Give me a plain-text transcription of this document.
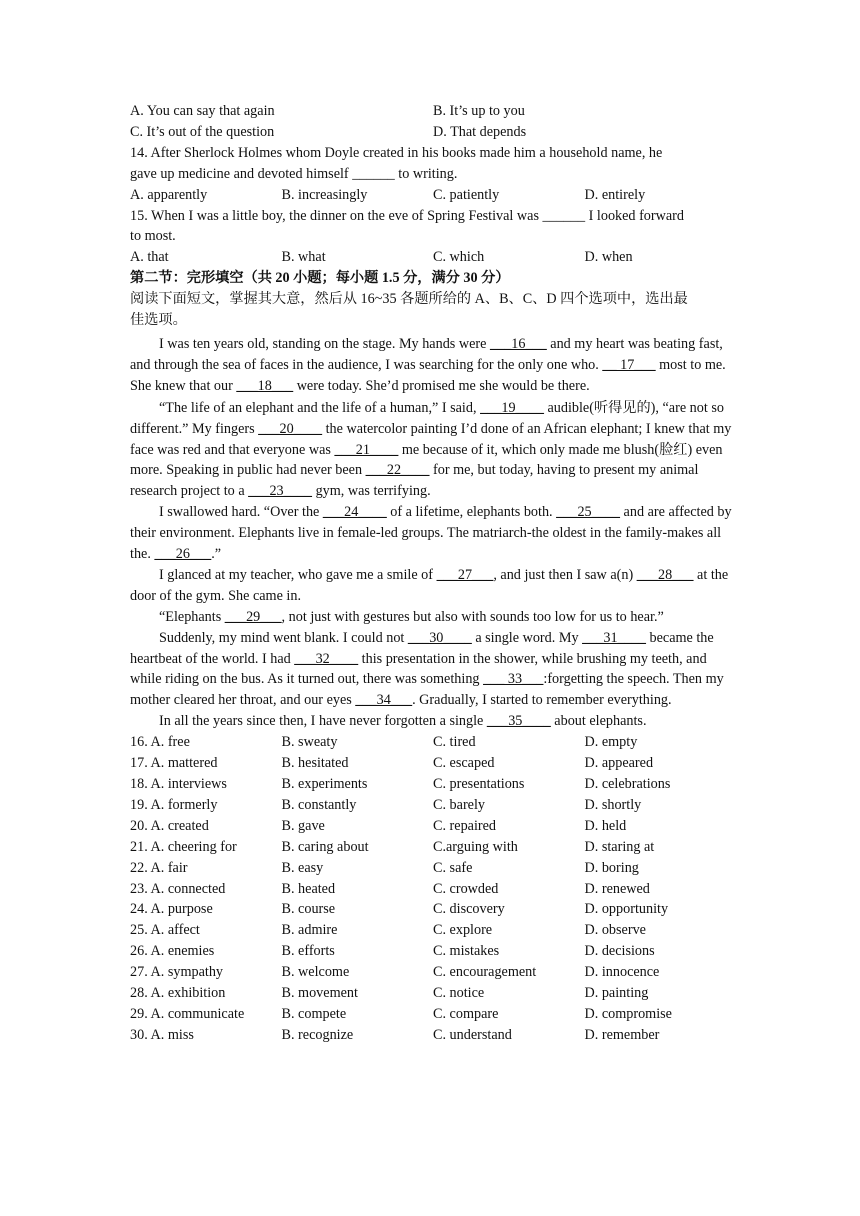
A. You can say that again	B. It’s up to you
C. It’s out of the question	D. That depends
14. After Sherlock Holmes whom Doyle created in his books made him a household name, he
gave up medicine and devoted himself ______ to writing.
A. apparently	B. increasingly	C. patiently	D. entirely
15. When I was a little boy, the dinner on the eve of Spring Festival was ______ I looked forward
to most.
A. that	B. what	C. which	D. when
第二节：完形填空（共 20 小题；每小题 1.5 分，满分 30 分）
阅读下面短文，掌握其大意，然后从 16~35 各题所给的 A、B、C、D 四个选项中，选出最
佳选项。

I was ten years old, standing on the stage. My hands were ___16___ and my heart was beating fast, and through the sea of faces in the audience, I was searching for the only one who. __ 17___ most to me. She knew that our ___18___ were today. She’d promised me she would be there.

“The life of an elephant and the life of a human,” I said, ___19____ audible(听得见的), “are not so different.” My fingers ___20____ the watercolor painting I’d done of an African elephant; I knew that my face was red and that everyone was ___21____ me because of it, which only made me blush(脸红) even more. Speaking in public had never been ___22____ for me, but today, having to present my animal research project to a ___23____ gym, was terrifying.

I swallowed hard. “Over the ___24____ of a lifetime, elephants both. ___25____ and are affected by their environment. Elephants live in female-led groups. The matriarch-the oldest in the family-makes all the. ___26___.”

I glanced at my teacher, who gave me a smile of ___27___, and just then I saw a(n) ___28___ at the door of the gym. She came in.

“Elephants ___29___, not just with gestures but also with sounds too low for us to hear.”

Suddenly, my mind went blank. I could not ___30____ a single word. My ___31____ became the heartbeat of the world. I had ___32____ this presentation in the shower, while brushing my teeth, and while riding on the bus. As it turned out, there was something ___ 33___:forgetting the speech. Then my mother cleared her throat, and our eyes ___34___. Gradually, I started to remember everything.

In all the years since then, I have never forgotten a single ___35____ about elephants.

16. A. free	B. sweaty	C. tired	D. empty
17. A. mattered	B. hesitated	C. escaped	D. appeared
18. A. interviews	B. experiments	C. presentations	D. celebrations
19. A. formerly	B. constantly	C. barely	D. shortly
20. A. created	B. gave	C. repaired	D. held
21. A. cheering for	B. caring about	C.arguing with	D. staring at
22. A. fair	B. easy	C. safe	D. boring
23. A. connected	B. heated	C. crowded	D. renewed
24. A. purpose	B. course	C. discovery	D. opportunity
25. A. affect	B. admire	C. explore	D. observe
26. A. enemies	B. efforts	C. mistakes	D. decisions
27. A. sympathy	B. welcome	C. encouragement	D. innocence
28. A. exhibition	B. movement	C. notice	D. painting
29. A. communicate	B. compete	C. compare	D. compromise
30. A. miss	B. recognize	C. understand	D. remember
